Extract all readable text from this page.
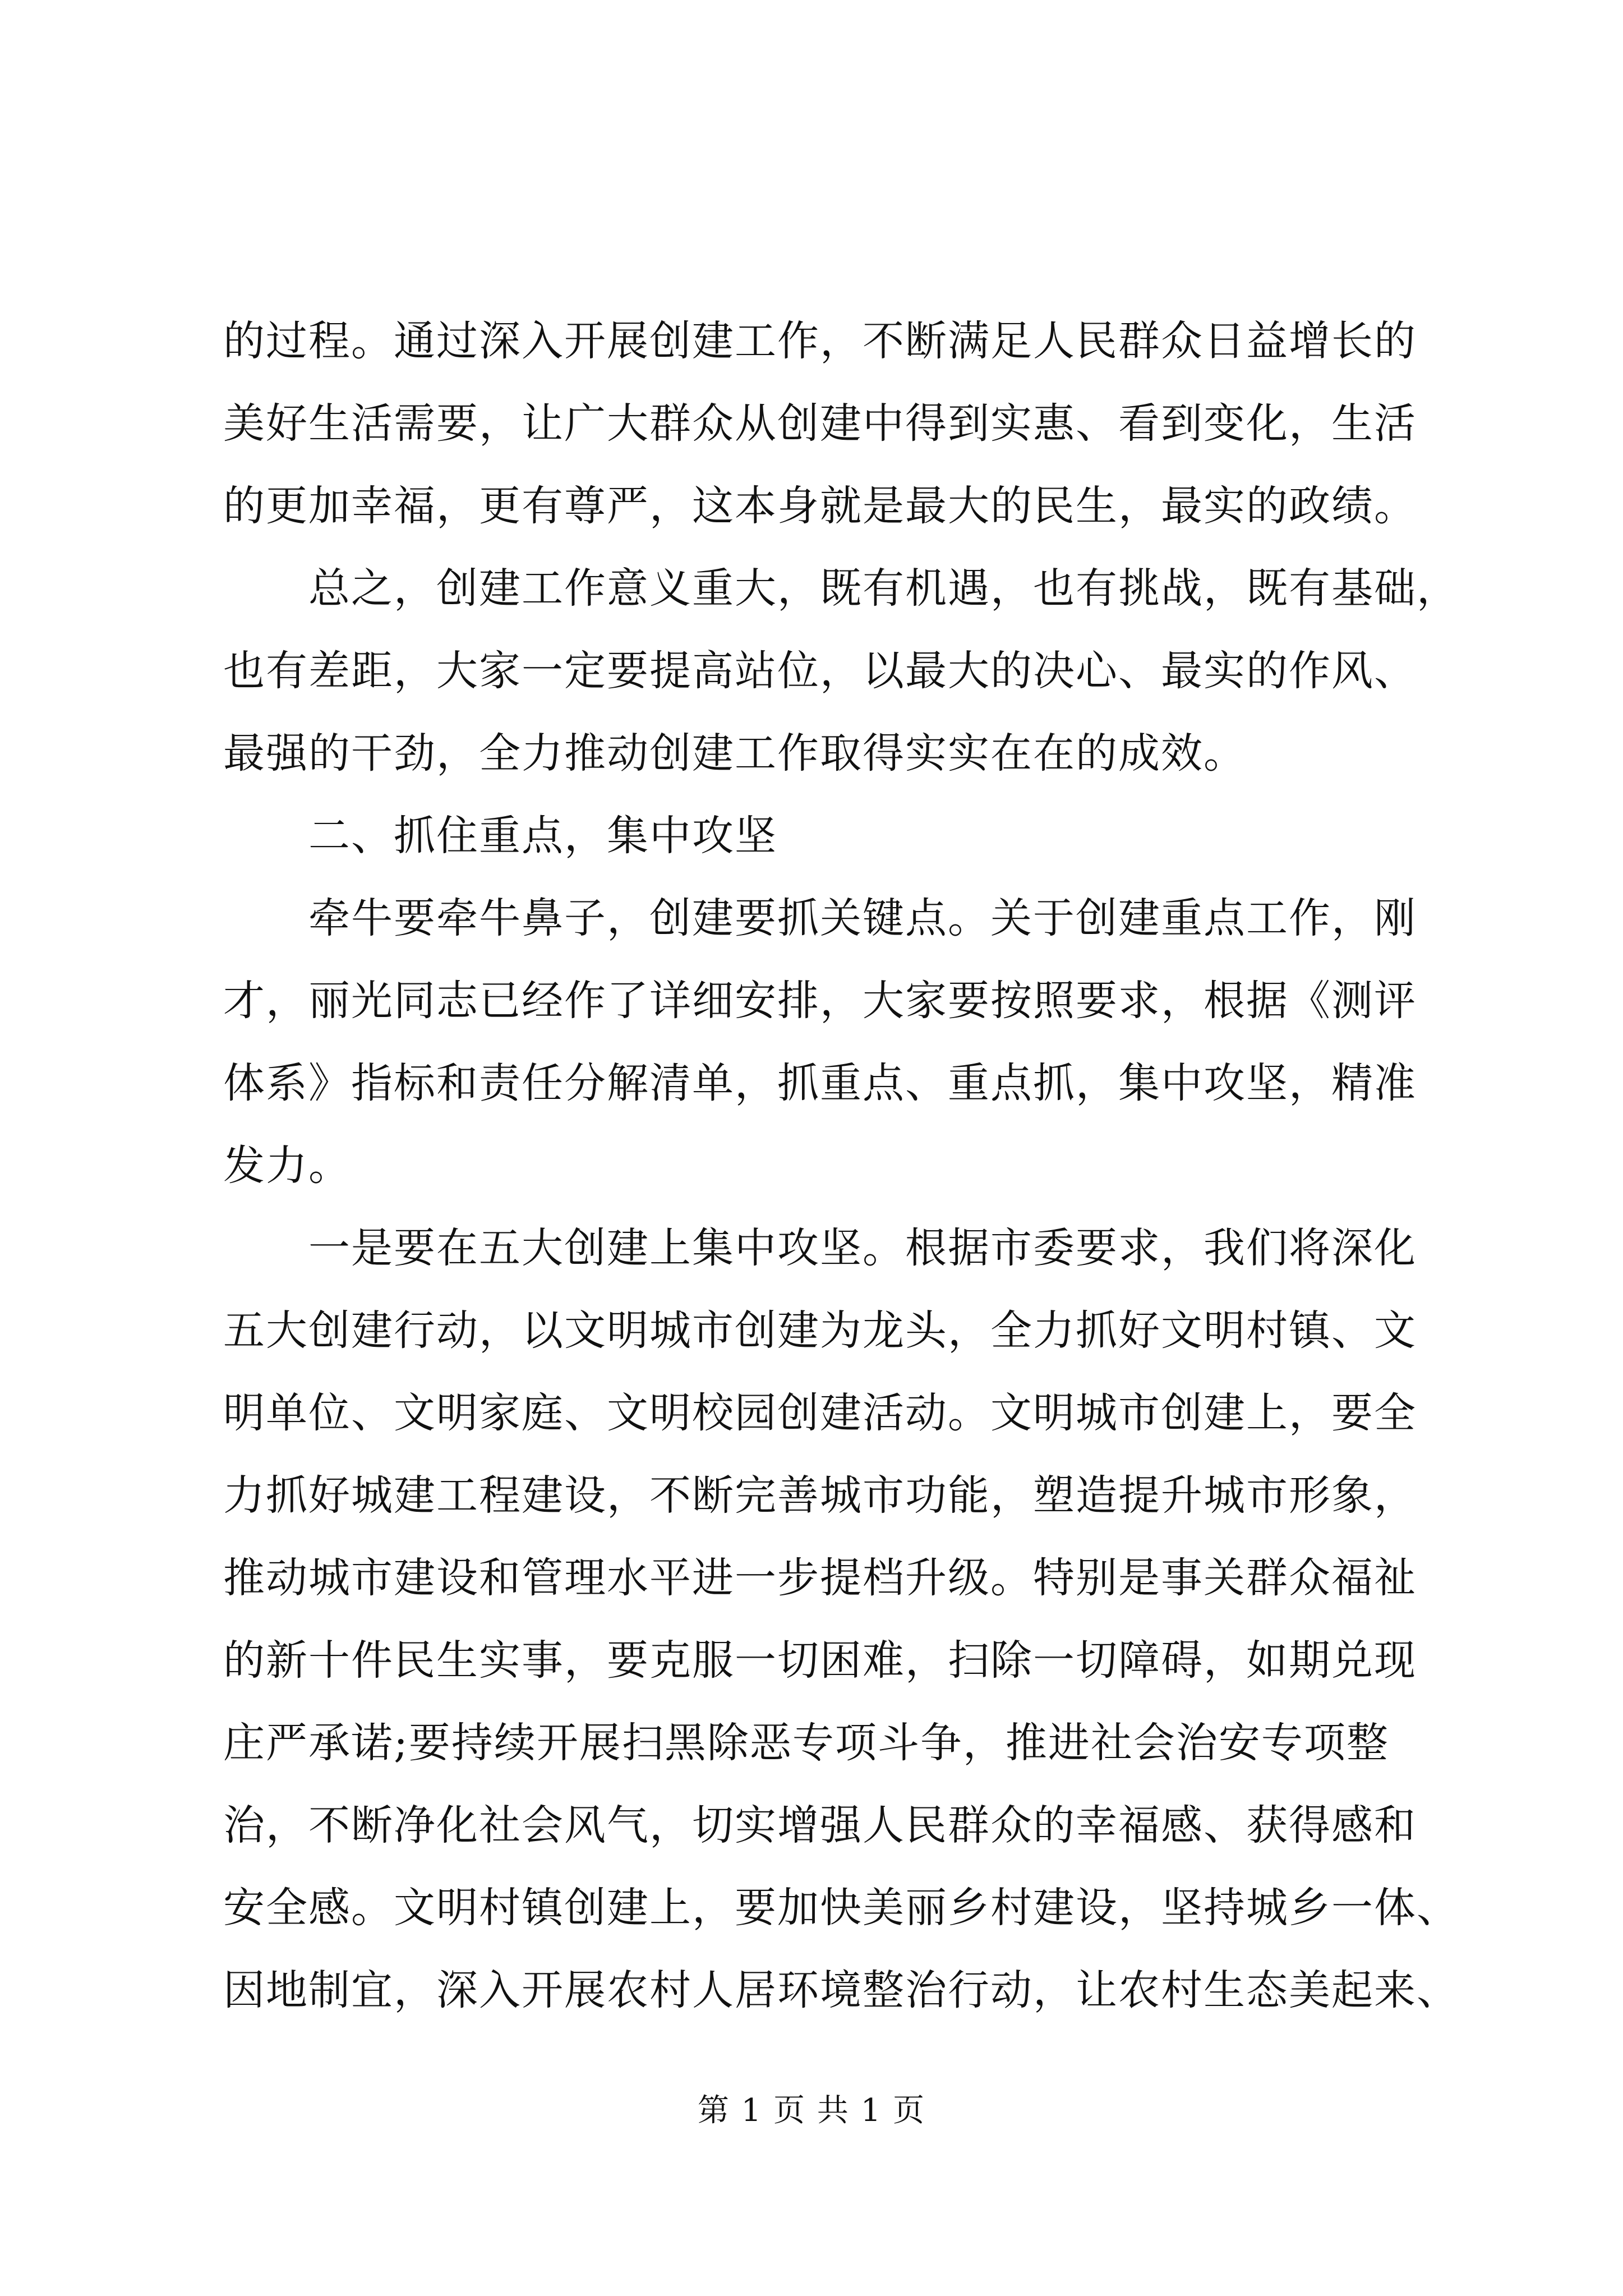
的过程。通过深入开展创建工作，不断满足人民群众日益增长的
美好生活需要，让广大群众从创建中得到实惠、看到变化，生活
的更加幸福，更有尊严，这本身就是最大的民生，最实的政绩。
　　总之，创建工作意义重大，既有机遇，也有挑战，既有基础，
也有差距，大家一定要提高站位，以最大的决心、最实的作风、
最强的干劲，全力推动创建工作取得实实在在的成效。
　　二、抓住重点，集中攻坚
　　牵牛要牵牛鼻子，创建要抓关键点。关于创建重点工作，刚
才，丽光同志已经作了详细安排，大家要按照要求，根据《测评
体系》指标和责任分解清单，抓重点、重点抓，集中攻坚，精准
发力。
　　一是要在五大创建上集中攻坚。根据市委要求，我们将深化
五大创建行动，以文明城市创建为龙头，全力抓好文明村镇、文
明单位、文明家庭、文明校园创建活动。文明城市创建上，要全
力抓好城建工程建设，不断完善城市功能，塑造提升城市形象，
推动城市建设和管理水平进一步提档升级。特别是事关群众福祉
的新十件民生实事，要克服一切困难，扫除一切障碍，如期兑现
庄严承诺;要持续开展扫黑除恶专项斗争，推进社会治安专项整
治，不断净化社会风气，切实增强人民群众的幸福感、获得感和
安全感。文明村镇创建上，要加快美丽乡村建设，坚持城乡一体、
因地制宜，深入开展农村人居环境整治行动，让农村生态美起来、
第 1 页 共 1 页
